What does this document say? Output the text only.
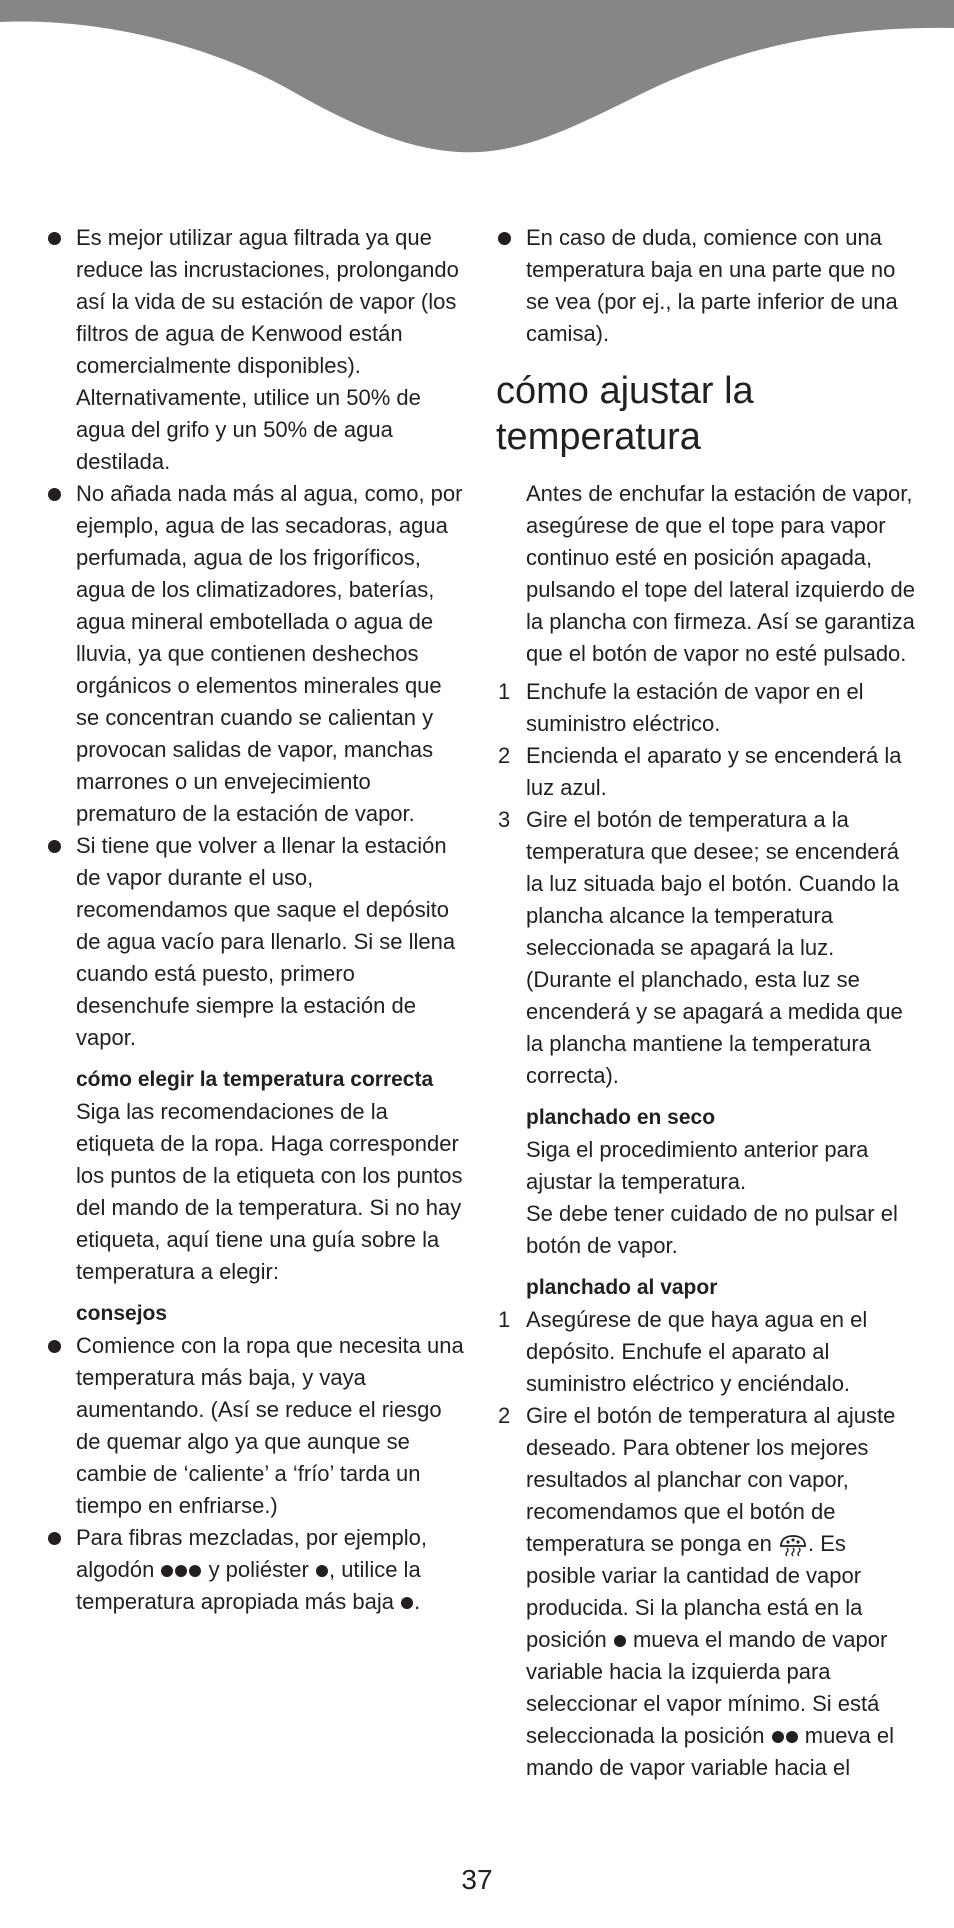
Es mejor utilizar agua filtrada ya que reduce las incrustaciones, prolongando así la vida de su estación de vapor (los filtros de agua de Kenwood están comercialmente disponibles). Alternativamente, utilice un 50% de agua del grifo y un 50% de agua destilada.
No añada nada más al agua, como, por ejemplo, agua de las secadoras, agua perfumada, agua de los frigoríficos, agua de los climatizadores, baterías, agua mineral embotellada o agua de lluvia, ya que contienen deshechos orgánicos o elementos minerales que se concentran cuando se calientan y provocan salidas de vapor, manchas marrones o un envejecimiento prematuro de la estación de vapor.
Si tiene que volver a llenar la estación de vapor durante el uso, recomendamos que saque el depósito de agua vacío para llenarlo. Si se llena cuando está puesto, primero desenchufe siempre la estación de vapor.

cómo elegir la temperatura correcta

Siga las recomendaciones de la etiqueta de la ropa. Haga corresponder los puntos de la etiqueta con los puntos del mando de la temperatura. Si no hay etiqueta, aquí tiene una guía sobre la temperatura a elegir:

consejos

Comience con la ropa que necesita una temperatura más baja, y vaya aumentando. (Así se reduce el riesgo de quemar algo ya que aunque se cambie de ‘caliente’ a ‘frío’ tarda un tiempo en enfriarse.)
Para fibras mezcladas, por ejemplo, algodón y poliéster , utilice la temperatura apropiada más baja .
En caso de duda, comience con una temperatura baja en una parte que no se vea (por ej., la parte inferior de una camisa).
cómo ajustar la temperatura

Antes de enchufar la estación de vapor, asegúrese de que el tope para vapor continuo esté en posición apagada, pulsando el tope del lateral izquierdo de la plancha con firmeza. Así se garantiza que el botón de vapor no esté pulsado.

1 Enchufe la estación de vapor en el suministro eléctrico.
2 Encienda el aparato y se encenderá la luz azul.
3 Gire el botón de temperatura a la temperatura que desee; se encenderá la luz situada bajo el botón. Cuando la plancha alcance la temperatura seleccionada se apagará la luz. (Durante el planchado, esta luz se encenderá y se apagará a medida que la plancha mantiene la temperatura correcta).

planchado en seco

Siga el procedimiento anterior para ajustar la temperatura.

Se debe tener cuidado de no pulsar el botón de vapor.

planchado al vapor

1 Asegúrese de que haya agua en el depósito. Enchufe el aparato al suministro eléctrico y enciéndalo.
2 Gire el botón de temperatura al ajuste deseado. Para obtener los mejores resultados al planchar con vapor, recomendamos que el botón de temperatura se ponga en . Es posible variar la cantidad de vapor producida. Si la plancha está en la posición mueva el mando de vapor variable hacia la izquierda para seleccionar el vapor mínimo. Si está seleccionada la posición mueva el mando de vapor variable hacia el
37
